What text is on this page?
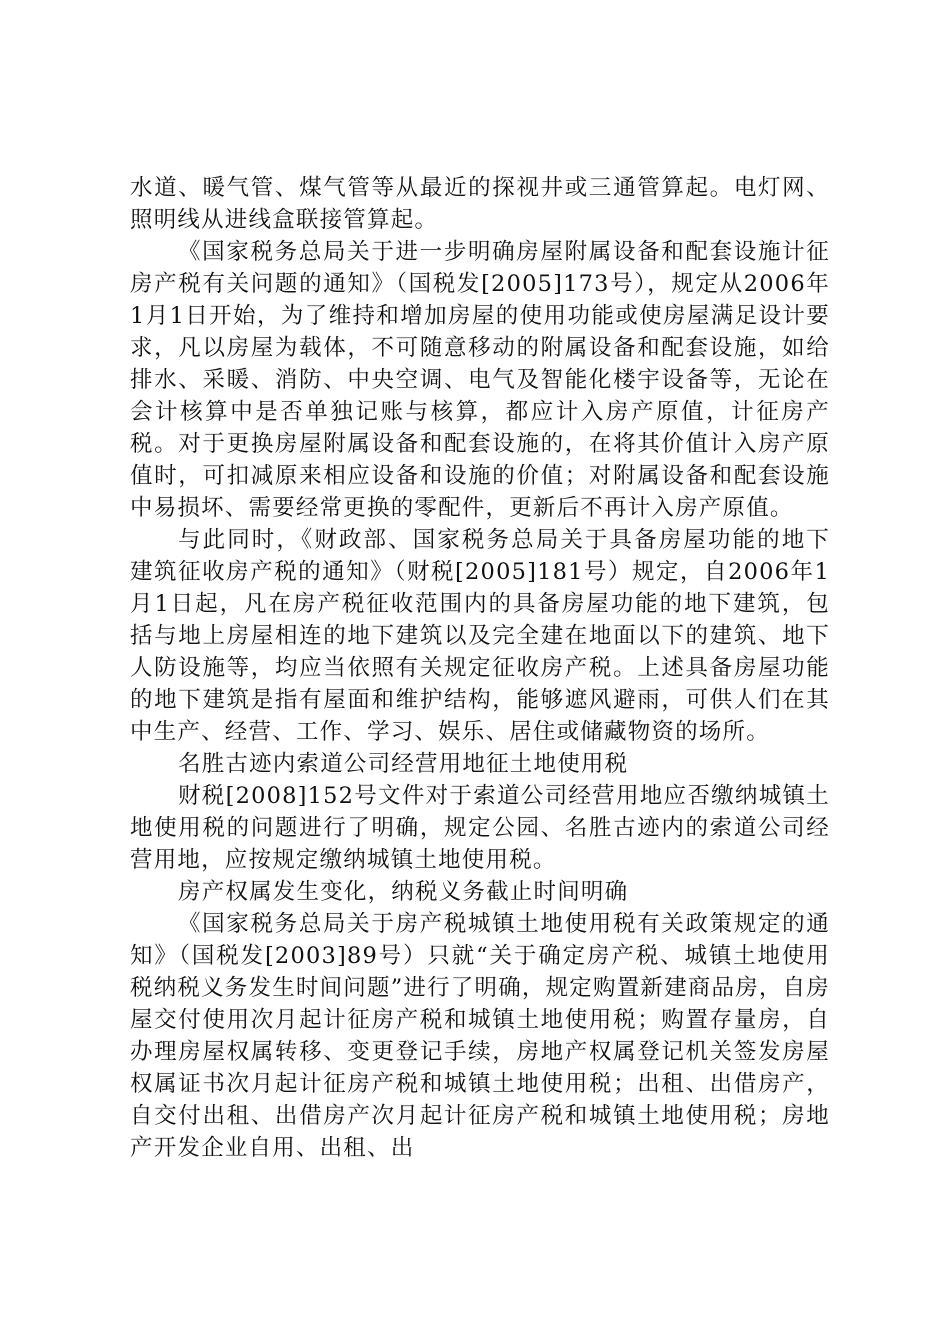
水道、暖气管、煤气管等从最近的探视井或三通管算起。电灯网、照明线从进线盒联接管算起。

《国家税务总局关于进一步明确房屋附属设备和配套设施计征房产税有关问题的通知》（国税发[2005]173号），规定从2006年1月1日开始，为了维持和增加房屋的使用功能或使房屋满足设计要求，凡以房屋为载体，不可随意移动的附属设备和配套设施，如给排水、采暖、消防、中央空调、电气及智能化楼宇设备等，无论在会计核算中是否单独记账与核算，都应计入房产原值，计征房产税。对于更换房屋附属设备和配套设施的，在将其价值计入房产原值时，可扣减原来相应设备和设施的价值；对附属设备和配套设施中易损坏、需要经常更换的零配件，更新后不再计入房产原值。

与此同时，《财政部、国家税务总局关于具备房屋功能的地下建筑征收房产税的通知》（财税[2005]181号）规定，自2006年1月1日起，凡在房产税征收范围内的具备房屋功能的地下建筑，包括与地上房屋相连的地下建筑以及完全建在地面以下的建筑、地下人防设施等，均应当依照有关规定征收房产税。上述具备房屋功能的地下建筑是指有屋面和维护结构，能够遮风避雨，可供人们在其中生产、经营、工作、学习、娱乐、居住或储藏物资的场所。

名胜古迹内索道公司经营用地征土地使用税

财税[2008]152号文件对于索道公司经营用地应否缴纳城镇土地使用税的问题进行了明确，规定公园、名胜古迹内的索道公司经营用地，应按规定缴纳城镇土地使用税。

房产权属发生变化，纳税义务截止时间明确

《国家税务总局关于房产税城镇土地使用税有关政策规定的通知》（国税发[2003]89号）只就“关于确定房产税、城镇土地使用税纳税义务发生时间问题”进行了明确，规定购置新建商品房，自房屋交付使用次月起计征房产税和城镇土地使用税；购置存量房，自办理房屋权属转移、变更登记手续，房地产权属登记机关签发房屋权属证书次月起计征房产税和城镇土地使用税；出租、出借房产，自交付出租、出借房产次月起计征房产税和城镇土地使用税；房地产开发企业自用、出租、出
